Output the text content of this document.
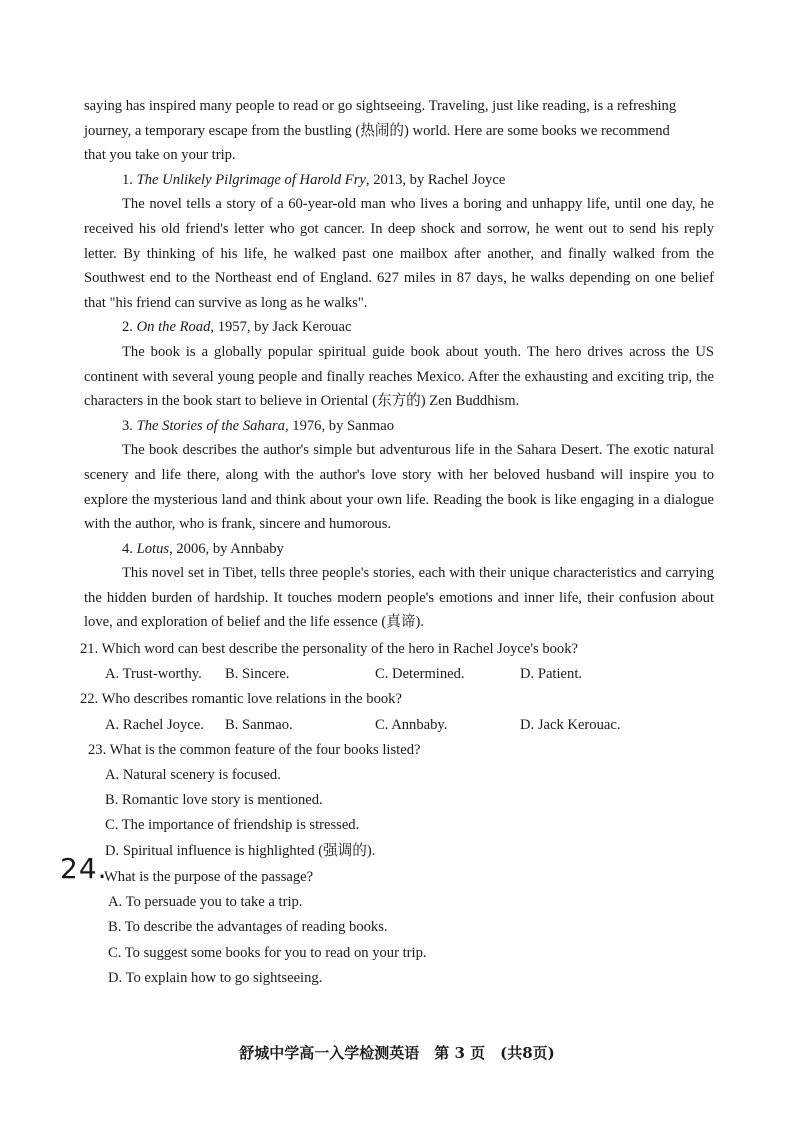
saying has inspired many people to read or go sightseeing. Traveling, just like reading, is a refreshing

journey, a temporary escape from the bustling (热闹的) world. Here are some books we recommend

that you take on your trip.

1. The Unlikely Pilgrimage of Harold Fry, 2013, by Rachel Joyce

The novel tells a story of a 60-year-old man who lives a boring and unhappy life, until one day, he received his old friend's letter who got cancer. In deep shock and sorrow, he went out to send his reply letter. By thinking of his life, he walked past one mailbox after another, and finally walked from the Southwest end to the Northeast end of England. 627 miles in 87 days, he walks depending on one belief that "his friend can survive as long as he walks".

2. On the Road, 1957, by Jack Kerouac

The book is a globally popular spiritual guide book about youth. The hero drives across the US continent with several young people and finally reaches Mexico. After the exhausting and exciting trip, the characters in the book start to believe in Oriental (东方的) Zen Buddhism.

3. The Stories of the Sahara, 1976, by Sanmao

The book describes the author's simple but adventurous life in the Sahara Desert. The exotic natural scenery and life there, along with the author's love story with her beloved husband will inspire you to explore the mysterious land and think about your own life. Reading the book is like engaging in a dialogue with the author, who is frank, sincere and humorous.

4. Lotus, 2006, by Annbaby

This novel set in Tibet, tells three people's stories, each with their unique characteristics and carrying the hidden burden of hardship. It touches modern people's emotions and inner life, their confusion about love, and exploration of belief and the life essence (真谛).

21. Which word can best describe the personality of the hero in Rachel Joyce's book?

A. Trust-worthy.	B. Sincere.	C. Determined.	D. Patient.

22. Who describes romantic love relations in the book?

A. Rachel Joyce.	B. Sanmao.	C. Annbaby.	D. Jack Kerouac.

23. What is the common feature of the four books listed?

A. Natural scenery is focused.

B. Romantic love story is mentioned.

C. The importance of friendship is stressed.

D. Spiritual influence is highlighted (强调的).

24.

What is the purpose of the passage?

A. To persuade you to take a trip.

B. To describe the advantages of reading books.

C. To suggest some books for you to read on your trip.

D. To explain how to go sightseeing.

舒城中学高一入学检测英语　第 3 页　(共8页)
